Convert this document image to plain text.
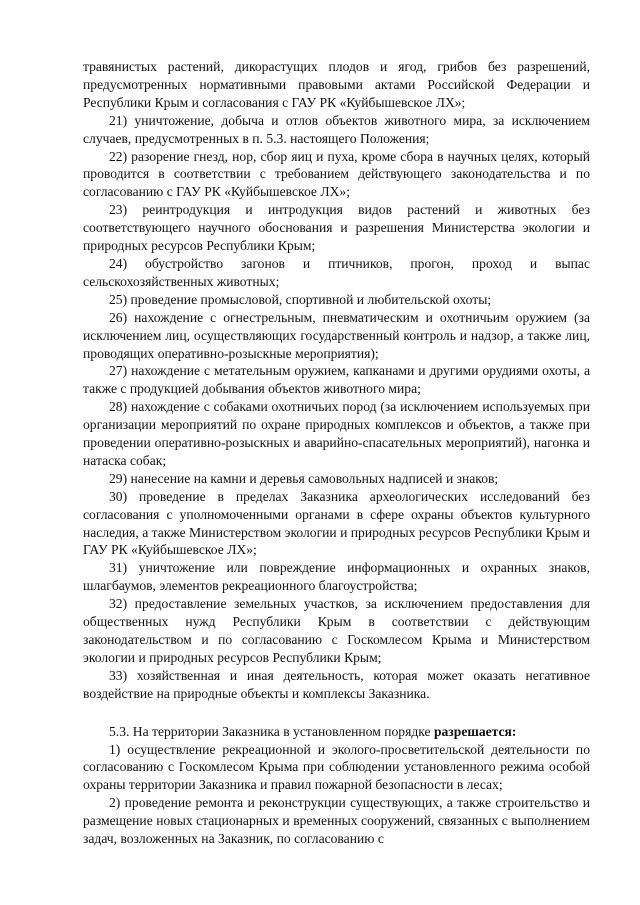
травянистых растений, дикорастущих плодов и ягод, грибов без разрешений, предусмотренных нормативными правовыми актами Российской Федерации и Республики Крым и согласования с ГАУ РК «Куйбышевское ЛХ»;

21) уничтожение, добыча и отлов объектов животного мира, за исключением случаев, предусмотренных в п. 5.3. настоящего Положения;

22) разорение гнезд, нор, сбор яиц и пуха, кроме сбора в научных целях, который проводится в соответствии с требованием действующего законодательства и по согласованию с ГАУ РК «Куйбышевское ЛХ»;

23) реинтродукция и интродукция видов растений и животных без соответствующего научного обоснования и разрешения Министерства экологии и природных ресурсов Республики Крым;

24) обустройство загонов и птичников, прогон, проход и выпас сельскохозяйственных животных;

25) проведение промысловой, спортивной и любительской охоты;

26) нахождение с огнестрельным, пневматическим и охотничьим оружием (за исключением лиц, осуществляющих государственный контроль и надзор, а также лиц, проводящих оперативно-розыскные мероприятия);

27) нахождение с метательным оружием, капканами и другими орудиями охоты, а также с продукцией добывания объектов животного мира;

28) нахождение с собаками охотничьих пород (за исключением используемых при организации мероприятий по охране природных комплексов и объектов, а также при проведении оперативно-розыскных и аварийно-спасательных мероприятий), нагонка и натаска собак;

29) нанесение на камни и деревья самовольных надписей и знаков;

30) проведение в пределах Заказника археологических исследований без согласования с уполномоченными органами в сфере охраны объектов культурного наследия, а также Министерством экологии и природных ресурсов Республики Крым и ГАУ РК «Куйбышевское ЛХ»;

31) уничтожение или повреждение информационных и охранных знаков, шлагбаумов, элементов рекреационного благоустройства;

32) предоставление земельных участков, за исключением предоставления для общественных нужд Республики Крым в соответствии с действующим законодательством и по согласованию с Госкомлесом Крыма и Министерством экологии и природных ресурсов Республики Крым;

33) хозяйственная и иная деятельность, которая может оказать негативное воздействие на природные объекты и комплексы Заказника.

5.3. На территории Заказника в установленном порядке разрешается:

1) осуществление рекреационной и эколого-просветительской деятельности по согласованию с Госкомлесом Крыма при соблюдении установленного режима особой охраны территории Заказника и правил пожарной безопасности в лесах;

2) проведение ремонта и реконструкции существующих, а также строительство и размещение новых стационарных и временных сооружений, связанных с выполнением задач, возложенных на Заказник, по согласованию с
